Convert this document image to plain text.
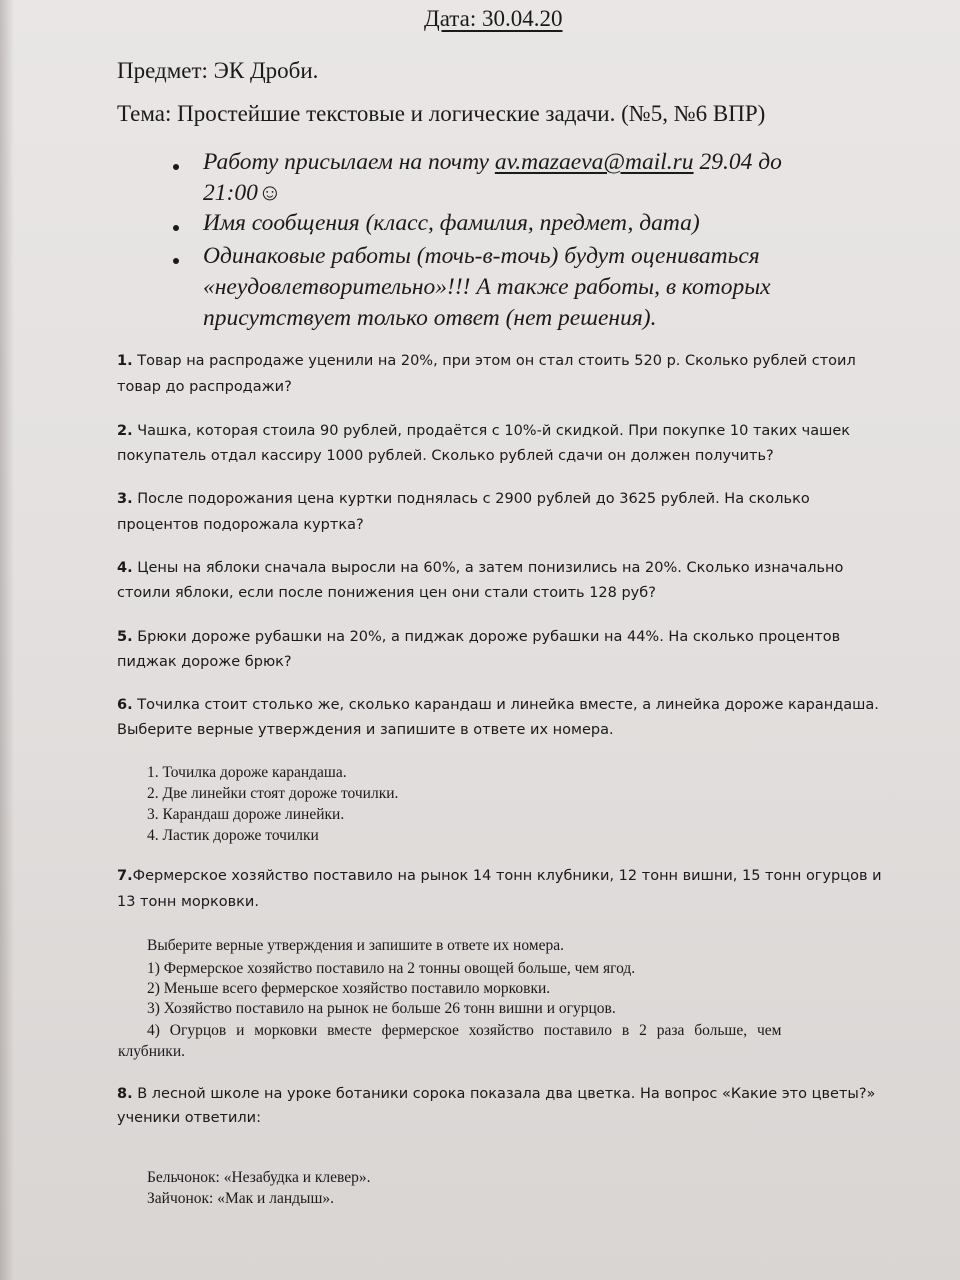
Дата: 30.04.20
Предмет: ЭК Дроби.
Тема: Простейшие текстовые и логические задачи. (№5, №6 ВПР)
Работу присылаем на почту av.mazaeva@mail.ru 29.04 до
21:00☺
Имя сообщения (класс, фамилия, предмет, дата)
Одинаковые работы (точь-в-точь) будут оцениваться
«неудовлетворительно»!!! А также работы, в которых
присутствует только ответ (нет решения).
1. Товар на распродаже уценили на 20%, при этом он стал стоить 520 р. Сколько рублей стоил
товар до распродажи?
2. Чашка, которая стоила 90 рублей, продаётся с 10%-й скидкой. При покупке 10 таких чашек
покупатель отдал кассиру 1000 рублей. Сколько рублей сдачи он должен получить?
3. После подорожания цена куртки поднялась с 2900 рублей до 3625 рублей. На сколько
процентов подорожала куртка?
4. Цены на яблоки сначала выросли на 60%, а затем понизились на 20%. Сколько изначально
стоили яблоки, если после понижения цен они стали стоить 128 руб?
5. Брюки дороже рубашки на 20%, а пиджак дороже рубашки на 44%. На сколько процентов
пиджак дороже брюк?
6. Точилка стоит столько же, сколько карандаш и линейка вместе, а линейка дороже карандаша.
Выберите верные утверждения и запишите в ответе их номера.
1. Точилка дороже карандаша.
2. Две линейки стоят дороже точилки.
3. Карандаш дороже линейки.
4. Ластик дороже точилки
7.Фермерское хозяйство поставило на рынок 14 тонн клубники, 12 тонн вишни, 15 тонн огурцов и
13 тонн морковки.
Выберите верные утверждения и запишите в ответе их номера.
1) Фермерское хозяйство поставило на 2 тонны овощей больше, чем ягод.
2) Меньше всего фермерское хозяйство поставило морковки.
3) Хозяйство поставило на рынок не больше 26 тонн вишни и огурцов.
4) Огурцов и морковки вместе фермерское хозяйство поставило в 2 раза больше, чем
клубники.
8. В лесной школе на уроке ботаники сорока показала два цветка. На вопрос «Какие это цветы?»
ученики ответили:
Бельчонок: «Незабудка и клевер».
Зайчонок: «Мак и ландыш».
